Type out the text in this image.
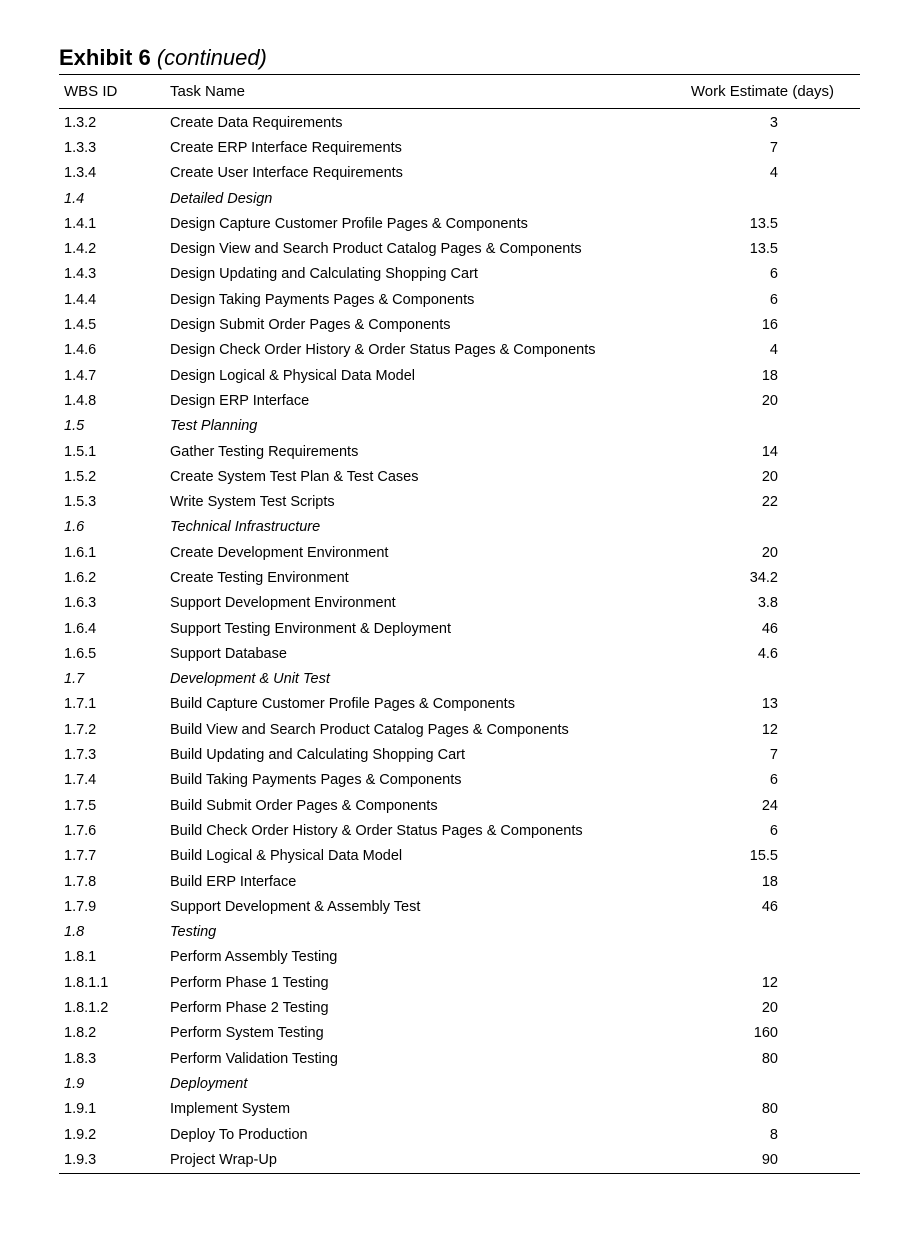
Exhibit 6 (continued)
WBS ID	Task Name	Work Estimate (days)
1.3.2	Create Data Requirements	3
1.3.3	Create ERP Interface Requirements	7
1.3.4	Create User Interface Requirements	4
1.4	Detailed Design
1.4.1	Design Capture Customer Profile Pages & Components	13.5
1.4.2	Design View and Search Product Catalog Pages & Components	13.5
1.4.3	Design Updating and Calculating Shopping Cart	6
1.4.4	Design Taking Payments Pages & Components	6
1.4.5	Design Submit Order Pages & Components	16
1.4.6	Design Check Order History & Order Status Pages & Components	4
1.4.7	Design Logical & Physical Data Model	18
1.4.8	Design ERP Interface	20
1.5	Test Planning
1.5.1	Gather Testing Requirements	14
1.5.2	Create System Test Plan & Test Cases	20
1.5.3	Write System Test Scripts	22
1.6	Technical Infrastructure
1.6.1	Create Development Environment	20
1.6.2	Create Testing Environment	34.2
1.6.3	Support Development Environment	3.8
1.6.4	Support Testing Environment & Deployment	46
1.6.5	Support Database	4.6
1.7	Development & Unit Test
1.7.1	Build Capture Customer Profile Pages & Components	13
1.7.2	Build View and Search Product Catalog Pages & Components	12
1.7.3	Build Updating and Calculating Shopping Cart	7
1.7.4	Build Taking Payments Pages & Components	6
1.7.5	Build Submit Order Pages & Components	24
1.7.6	Build Check Order History & Order Status Pages & Components	6
1.7.7	Build Logical & Physical Data Model	15.5
1.7.8	Build ERP Interface	18
1.7.9	Support Development & Assembly Test	46
1.8	Testing
1.8.1	Perform Assembly Testing
1.8.1.1	Perform Phase 1 Testing	12
1.8.1.2	Perform Phase 2 Testing	20
1.8.2	Perform System Testing	160
1.8.3	Perform Validation Testing	80
1.9	Deployment
1.9.1	Implement System	80
1.9.2	Deploy To Production	8
1.9.3	Project Wrap-Up	90
